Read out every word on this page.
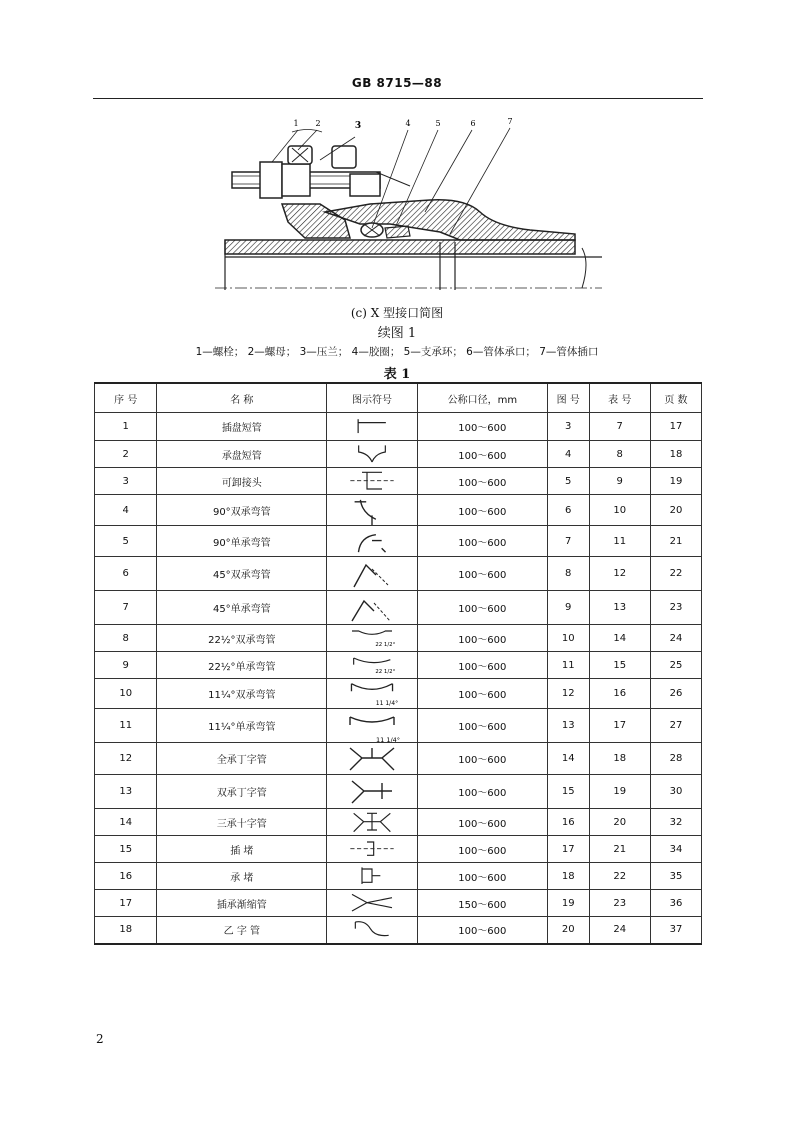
GB 8715—88
1 2	3	4	5	6	7
(c) X 型接口简图
续图 1
1—螺栓； 2—螺母； 3—压兰； 4—胶圈； 5—支承环； 6—管体承口； 7—管体插口
表 1
序 号	名 称	图示符号	公称口径，mm	图 号	表 号	页 数
1	插盘短管		100～600	3	7	17
2	承盘短管		100～600	4	8	18
3	可卸接头		100～600	5	9	19
4	90°双承弯管		100～600	6	10	20
5	90°单承弯管		100～600	7	11	21
6	45°双承弯管		100～600	8	12	22
7	45°单承弯管		100～600	9	13	23
8	22½°双承弯管	22 1/2°	100～600	10	14	24
9	22½°单承弯管	22 1/2°	100～600	11	15	25
10	11¼°双承弯管	11 1/4°	100～600	12	16	26
11	11¼°单承弯管	11 1/4°	100～600	13	17	27
12	全承丁字管		100～600	14	18	28
13	双承丁字管		100～600	15	19	30
14	三承十字管		100～600	16	20	32
15	插 堵		100～600	17	21	34
16	承 堵		100～600	18	22	35
17	插承渐缩管		150～600	19	23	36
18	乙 字 管		100～600	20	24	37
2
